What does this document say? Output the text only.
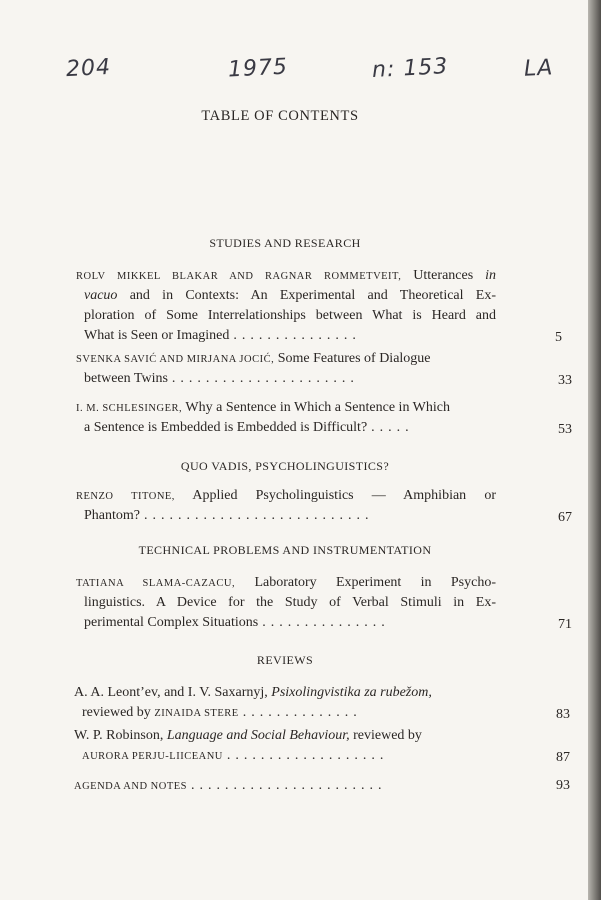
204	1975	n: 153	LA
TABLE OF CONTENTS
STUDIES AND RESEARCH
ROLV MIKKEL BLAKAR AND RAGNAR ROMMETVEIT, Utterances in
vacuo and in Contexts: An Experimental and Theoretical Ex-
ploration of Some Interrelationships between What is Heard and
What is Seen or Imagined ...............	5
SVENKA SAVIĆ AND MIRJANA JOCIĆ, Some Features of Dialogue
between Twins ......................	33
I. M. SCHLESINGER, Why a Sentence in Which a Sentence in Which
a Sentence is Embedded is Embedded is Difficult? .....	53
QUO VADIS, PSYCHOLINGUISTICS?
RENZO TITONE, Applied Psycholinguistics — Amphibian or
Phantom? ...........................	67
TECHNICAL PROBLEMS AND INSTRUMENTATION
TATIANA SLAMA-CAZACU, Laboratory Experiment in Psycho-
linguistics. A Device for the Study of Verbal Stimuli in Ex-
perimental Complex Situations ...............	71
REVIEWS
A. A. Leont’ev, and I. V. Saxarnyj, Psixolingvistika za rubežom,
reviewed by ZINAIDA STERE ..............	83
W. P. Robinson, Language and Social Behaviour, reviewed by
AURORA PERJU-LIICEANU ...................	87
AGENDA AND NOTES .......................	93
